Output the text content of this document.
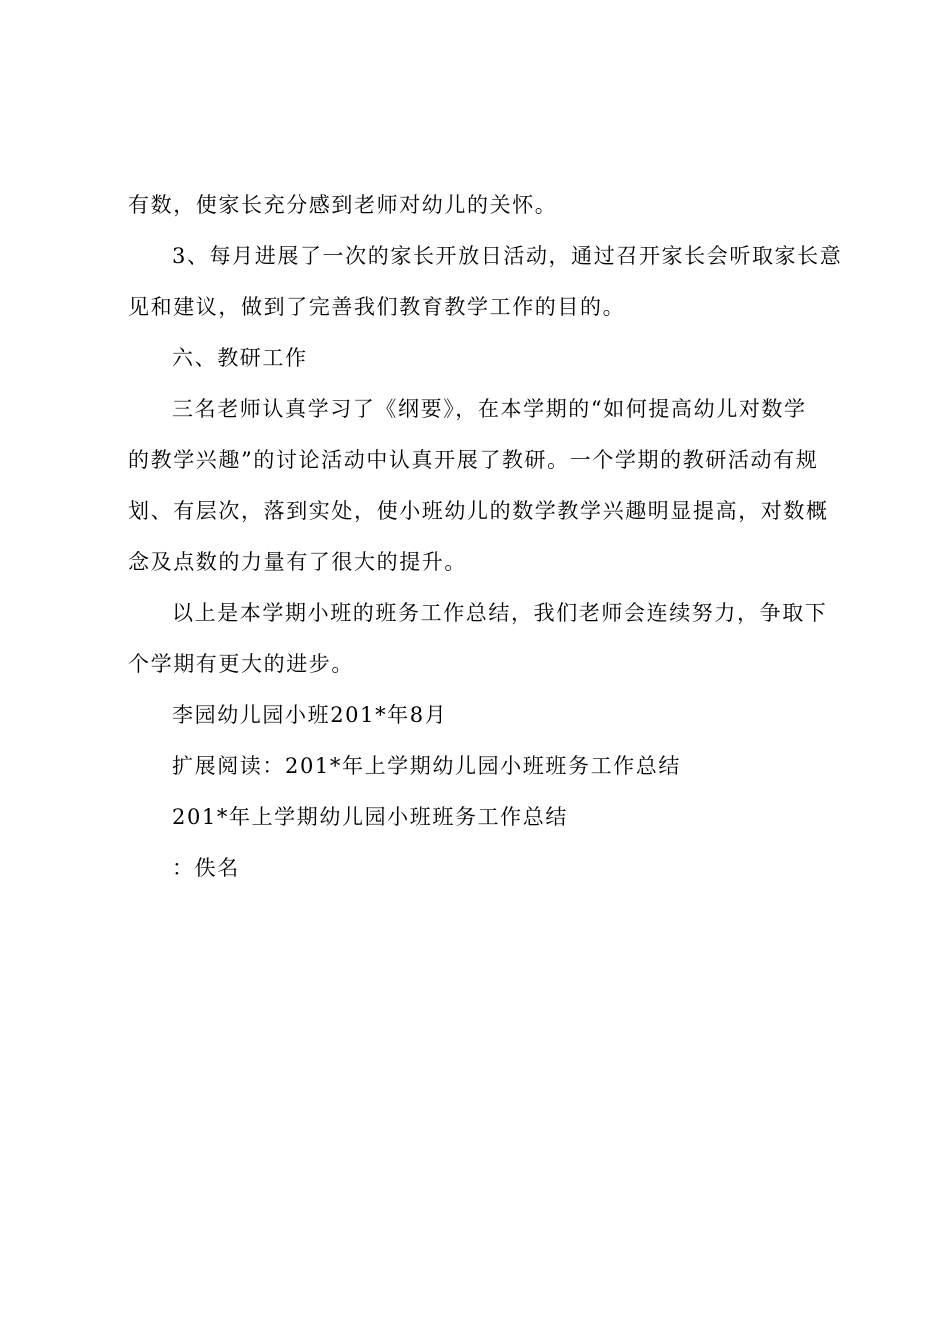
有数，使家长充分感到老师对幼儿的关怀。
3、每月进展了一次的家长开放日活动，通过召开家长会听取家长意
见和建议，做到了完善我们教育教学工作的目的。
六、教研工作
三名老师认真学习了《纲要》，在本学期的“如何提高幼儿对数学
的教学兴趣”的讨论活动中认真开展了教研。一个学期的教研活动有规
划、有层次，落到实处，使小班幼儿的数学教学兴趣明显提高，对数概
念及点数的力量有了很大的提升。
以上是本学期小班的班务工作总结，我们老师会连续努力，争取下
个学期有更大的进步。
李园幼儿园小班201*年8月
扩展阅读：201*年上学期幼儿园小班班务工作总结
201*年上学期幼儿园小班班务工作总结
：佚名
